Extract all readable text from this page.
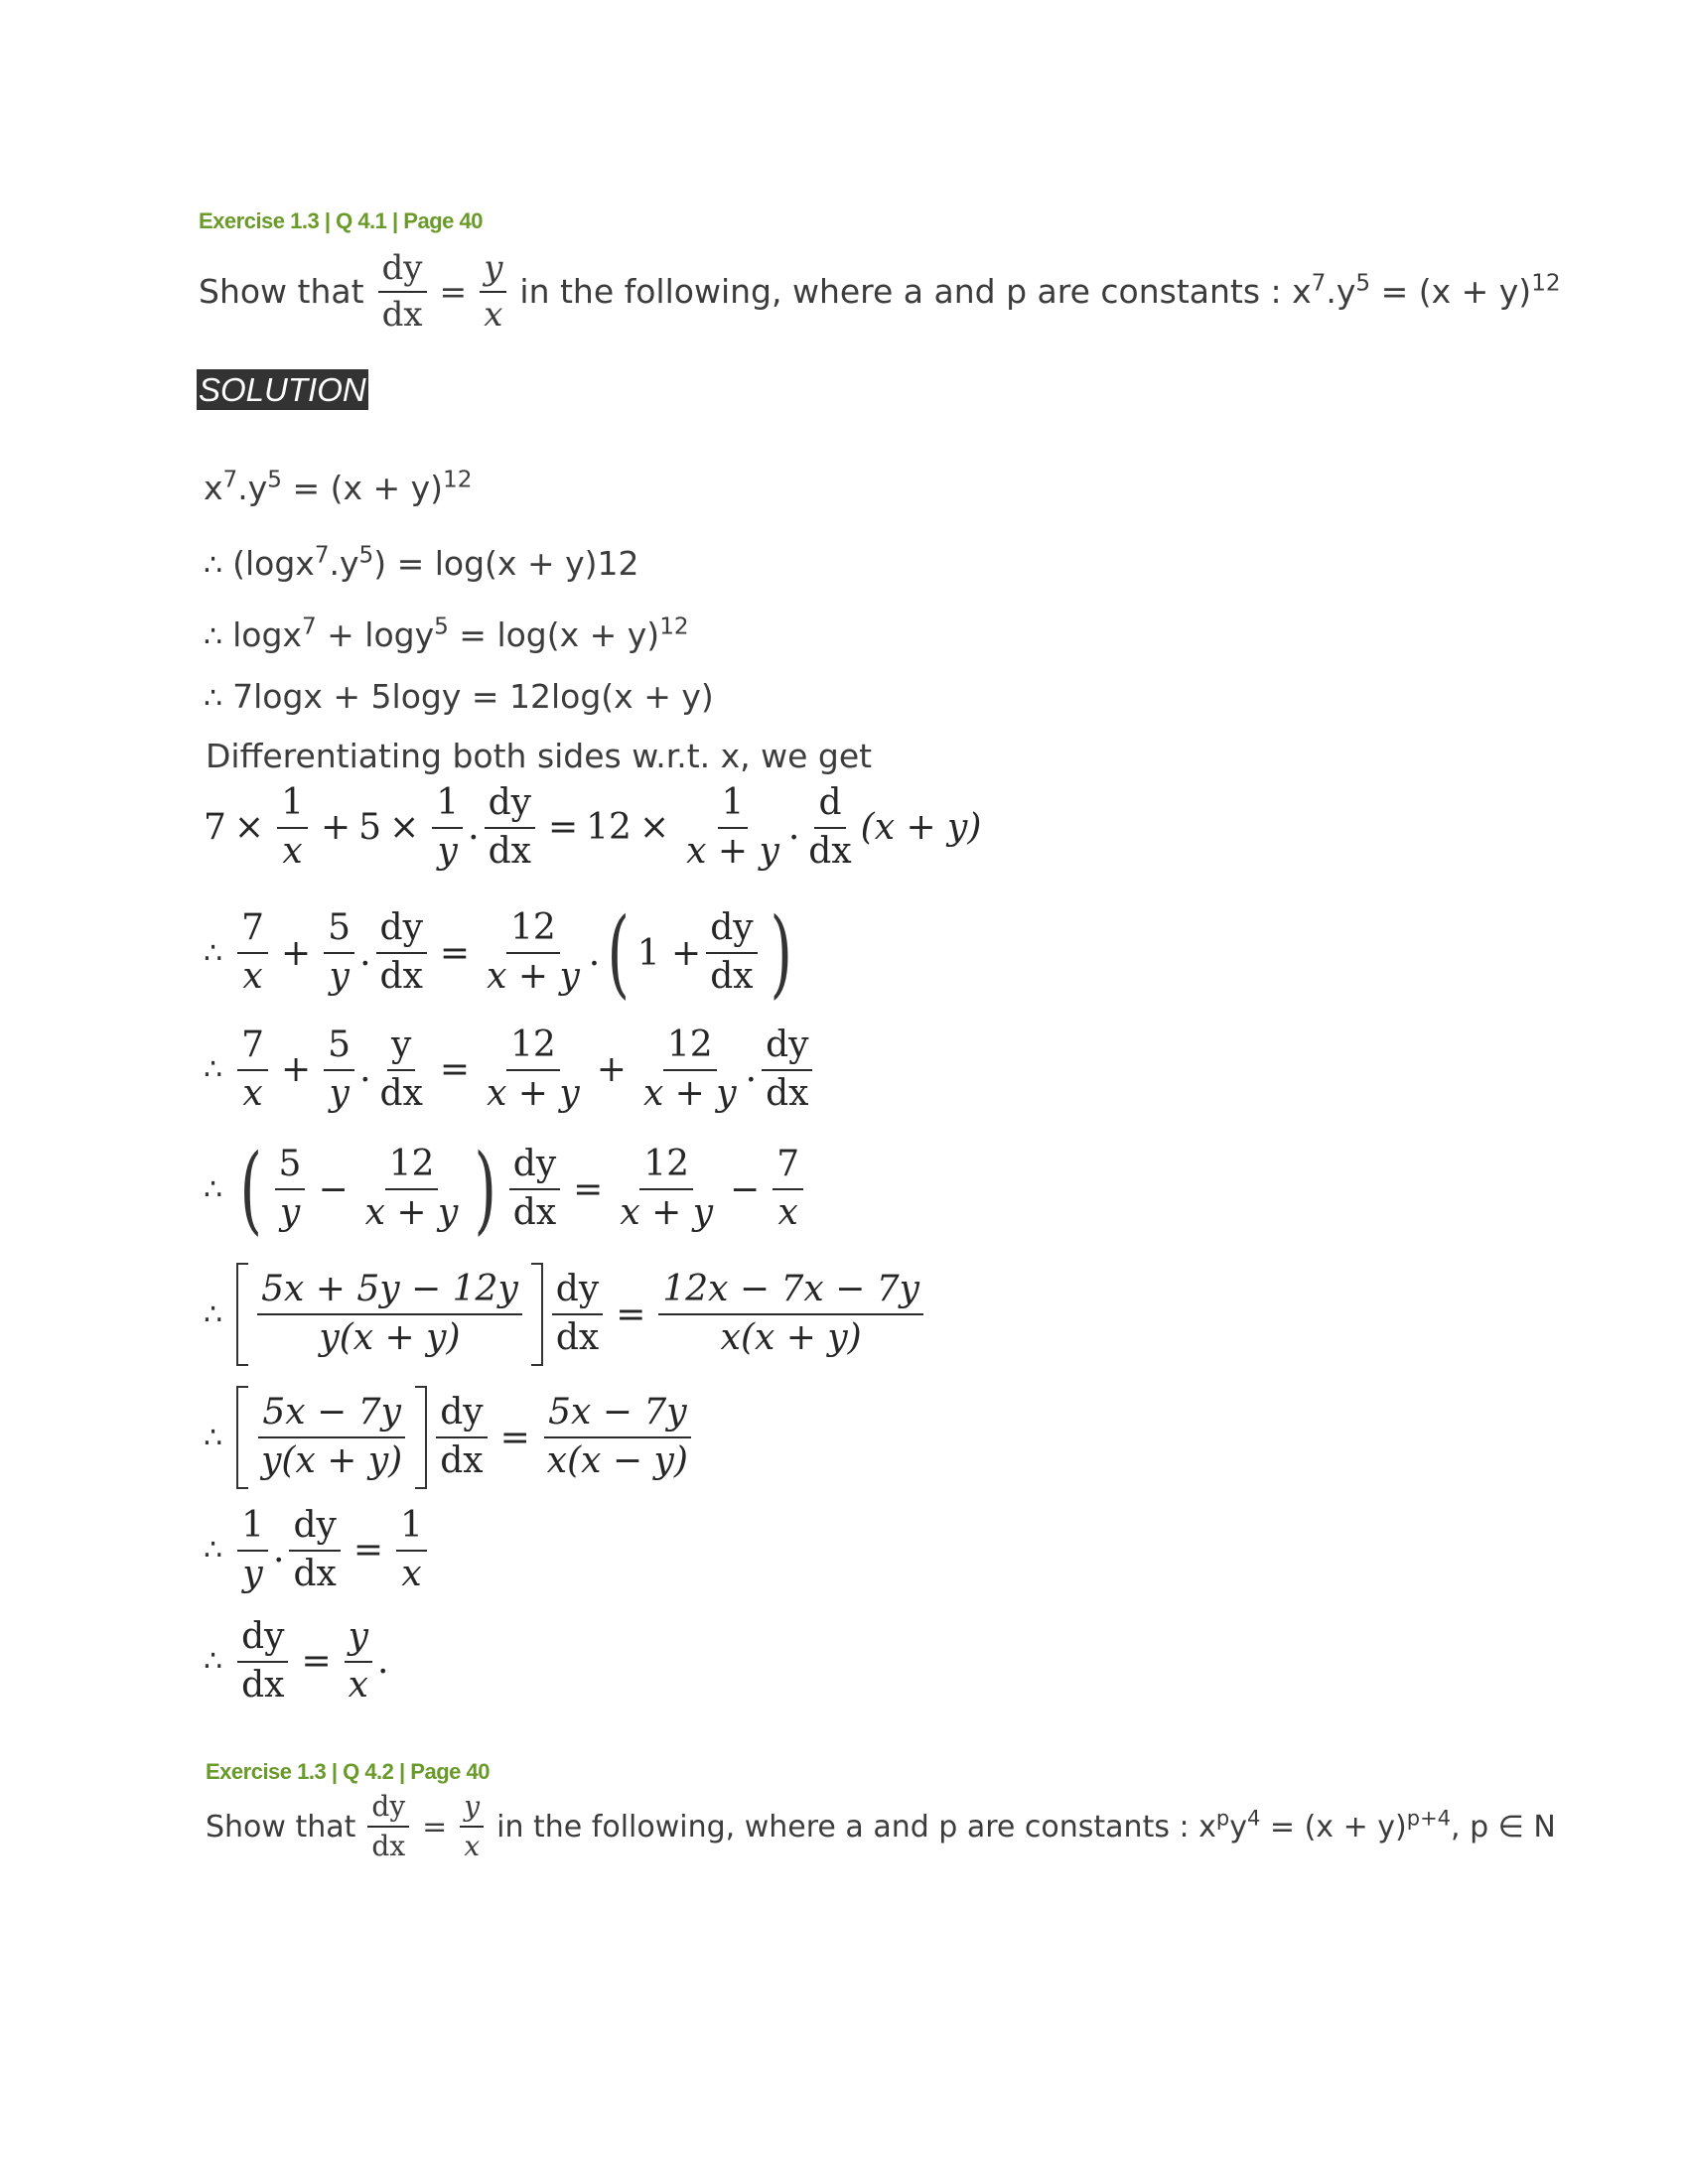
Exercise 1.3 | Q 4.1 | Page 40
Show that $\frac{dy}{dx} = \frac{y}{x}$ in the following, where a and p are constants : $x^7.y^5 = (x + y)^{12}$
SOLUTION
$x^7.y^5 = (x + y)^{12}$
∴ $(\log x^7.y^5) = \log(x + y)12$
∴ $\log x^7 + \log y^5 = \log(x + y)^{12}$
∴ 7logx + 5logy = 12log(x + y)
Differentiating both sides w.r.t. x, we get
$7 \times \frac{1}{x} + 5 \times \frac{1}{y}$ . $\frac{dy}{dx} = 12 \times \frac{1}{x + y}$ . $\frac{d}{dx} (x + y)$
∴ $\frac{7}{x} + \frac{5}{y}$ . $\frac{dy}{dx} = \frac{12}{x + y}$ . ( $1 + \frac{dy}{dx}$ )
∴ $\frac{7}{x} + \frac{5}{y}$ . $\frac{y}{dx} = \frac{12}{x + y} + \frac{12}{x + y}$ . $\frac{dy}{dx}$
∴ ( $\frac{5}{y} - \frac{12}{x + y}$ ) $\frac{dy}{dx} = \frac{12}{x + y} - \frac{7}{x}$
∴ $\frac{5x + 5y - 12y}{y(x + y)} \frac{dy}{dx} = \frac{12x - 7x - 7y}{x(x + y)}$
∴ $\frac{5x - 7y}{y(x + y)} \frac{dy}{dx} = \frac{5x - 7y}{x(x - y)}$
∴ $\frac{1}{y}$ . $\frac{dy}{dx} = \frac{1}{x}$
∴ $\frac{dy}{dx} = \frac{y}{x}$ .
Exercise 1.3 | Q 4.2 | Page 40
Show that $\frac{dy}{dx} = \frac{y}{x}$ in the following, where a and p are constants : $x^py^4 = (x + y)^{p+4}$, p ∈ N
